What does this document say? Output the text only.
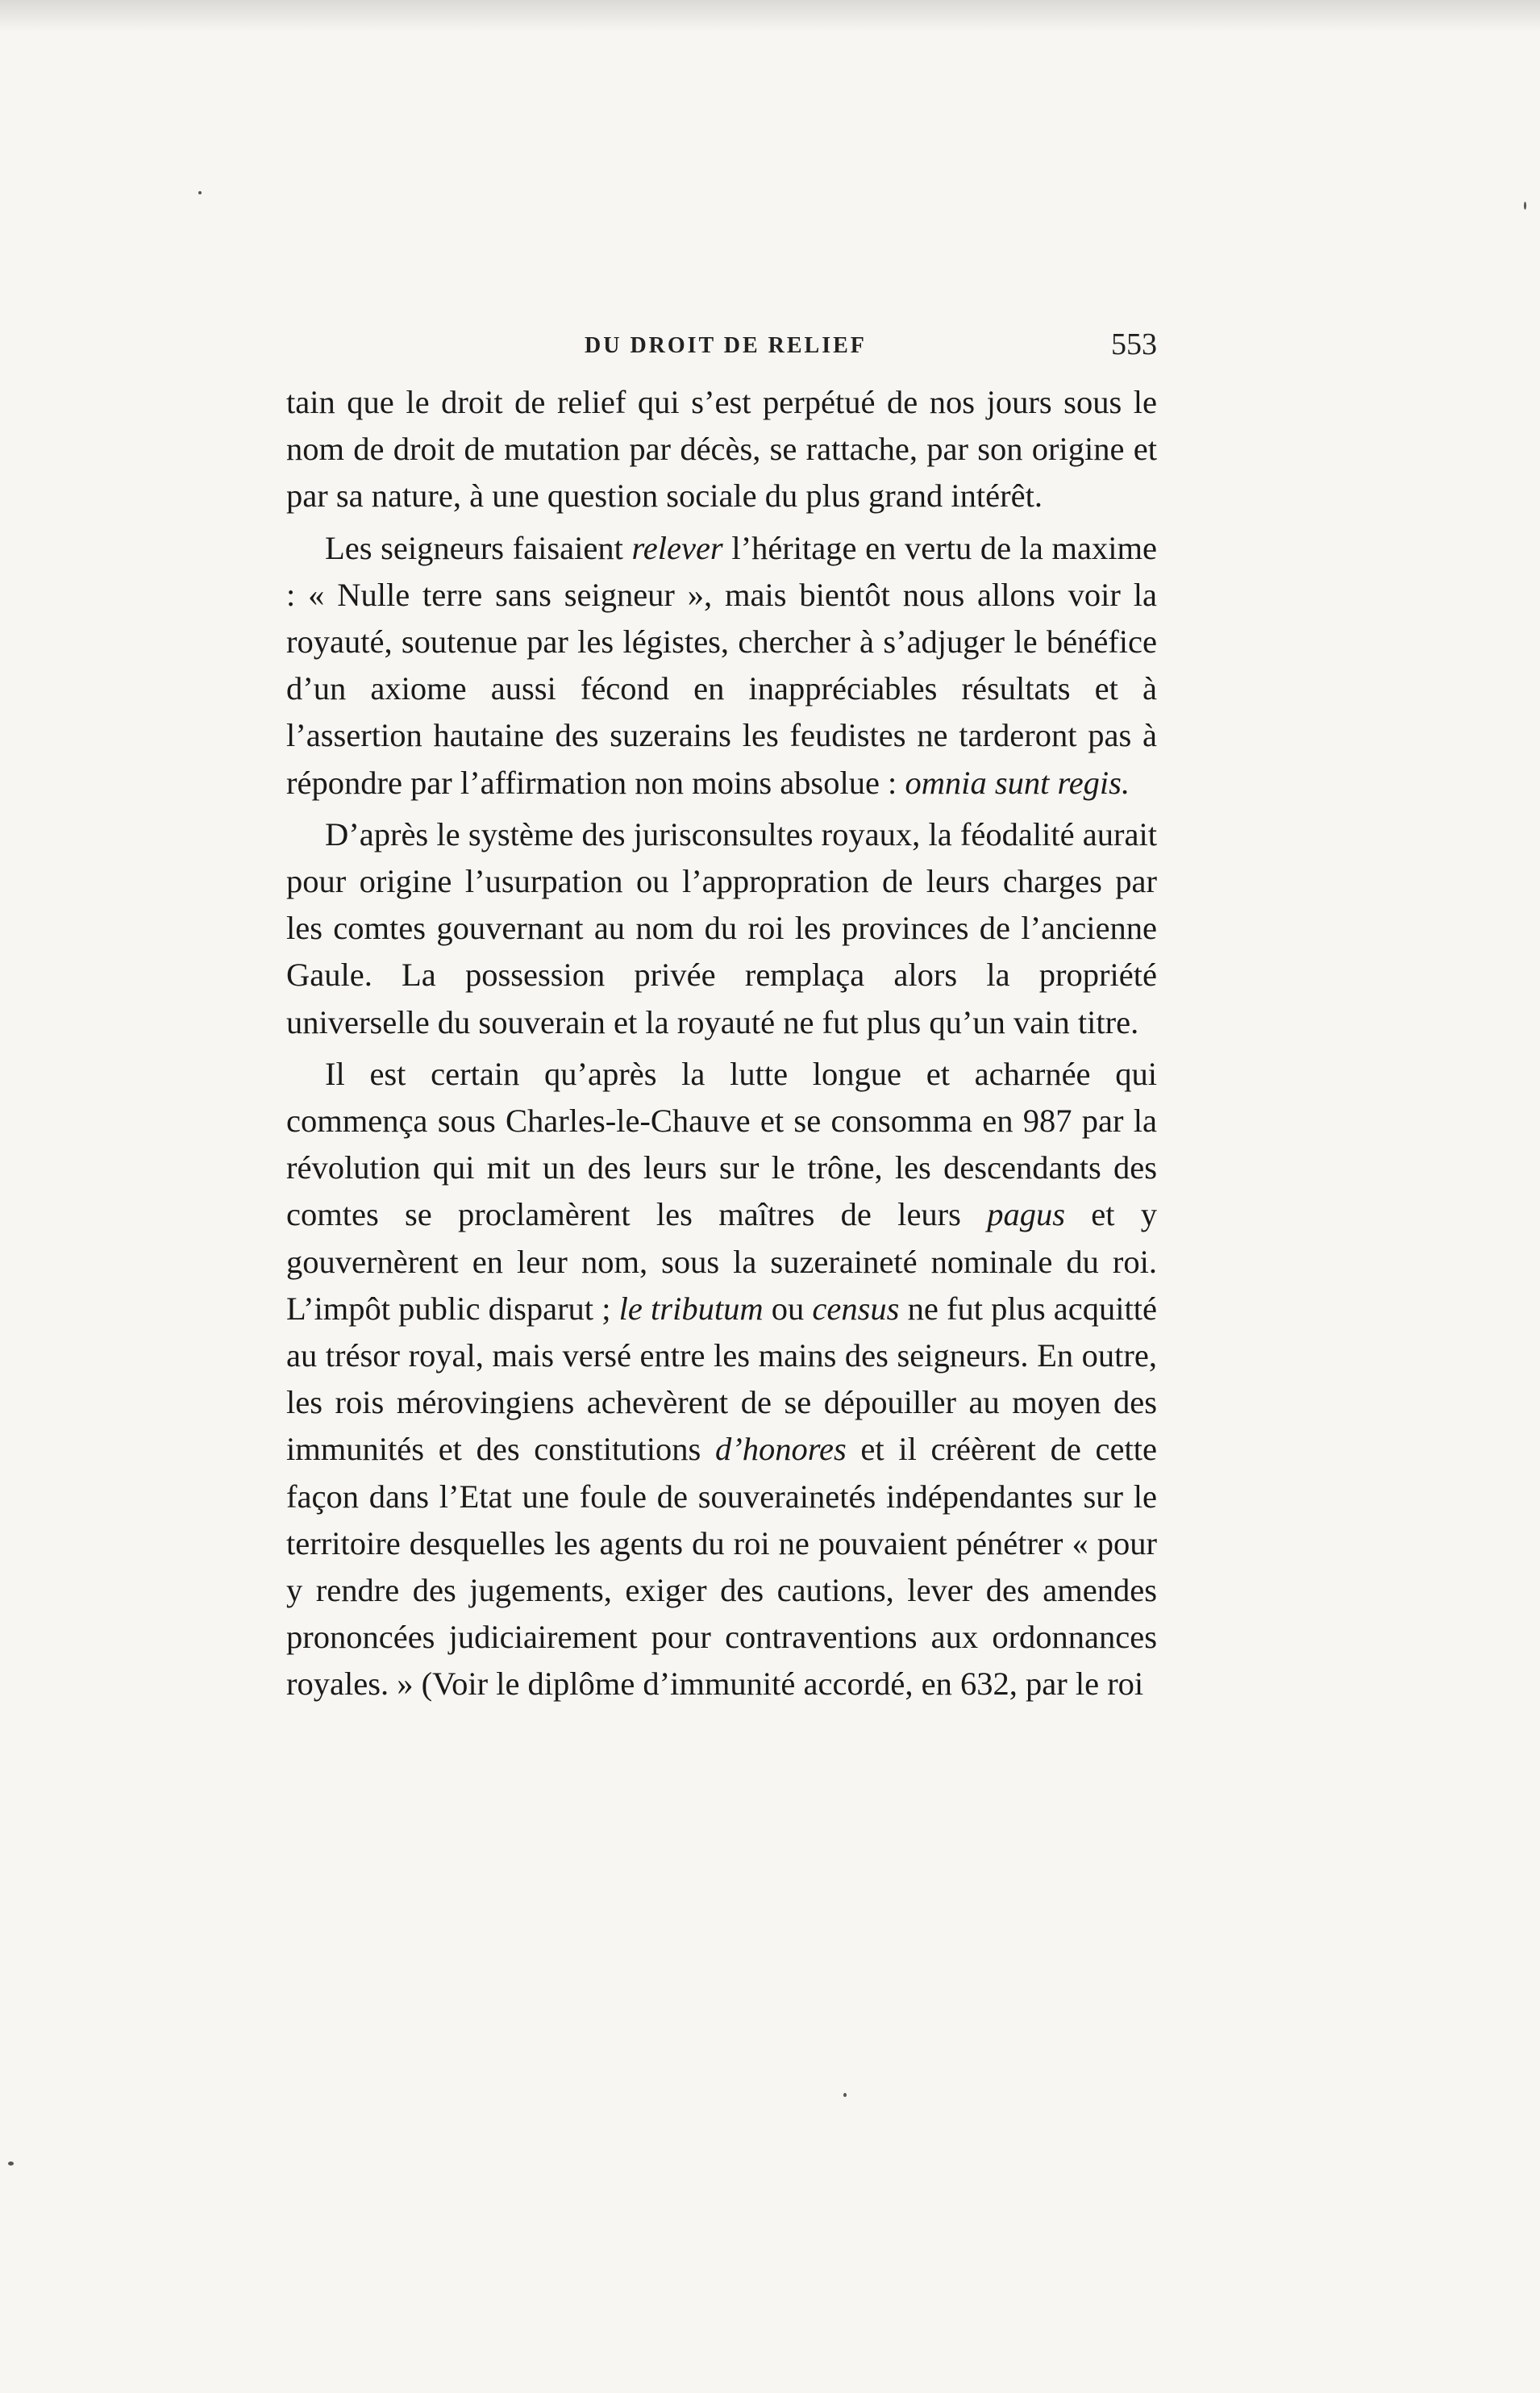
DU DROIT DE RELIEF	553

tain que le droit de relief qui s’est perpétué de nos jours sous le nom de droit de mutation par décès, se rattache, par son origine et par sa nature, à une question sociale du plus grand intérêt.

Les seigneurs faisaient relever l’héritage en vertu de la maxime : « Nulle terre sans seigneur », mais bientôt nous allons voir la royauté, soutenue par les légistes, chercher à s’adjuger le bénéfice d’un axiome aussi fécond en inappréciables résultats et à l’assertion hautaine des suzerains les feudistes ne tarderont pas à répondre par l’affirmation non moins absolue : omnia sunt regis.

D’après le système des jurisconsultes royaux, la féodalité aurait pour origine l’usurpation ou l’appropration de leurs charges par les comtes gouvernant au nom du roi les provinces de l’ancienne Gaule. La possession privée remplaça alors la propriété universelle du souverain et la royauté ne fut plus qu’un vain titre.

Il est certain qu’après la lutte longue et acharnée qui commença sous Charles-le-Chauve et se consomma en 987 par la révolution qui mit un des leurs sur le trône, les descendants des comtes se proclamèrent les maîtres de leurs pagus et y gouvernèrent en leur nom, sous la suzeraineté nominale du roi. L’impôt public disparut ; le tributum ou census ne fut plus acquitté au trésor royal, mais versé entre les mains des seigneurs. En outre, les rois mérovingiens achevèrent de se dépouiller au moyen des immunités et des constitutions d’honores et il créèrent de cette façon dans l’Etat une foule de souverainetés indépendantes sur le territoire desquelles les agents du roi ne pouvaient pénétrer « pour y rendre des jugements, exiger des cautions, lever des amendes prononcées judiciairement pour contraventions aux ordonnances royales. » (Voir le diplôme d’immunité accordé, en 632, par le roi
